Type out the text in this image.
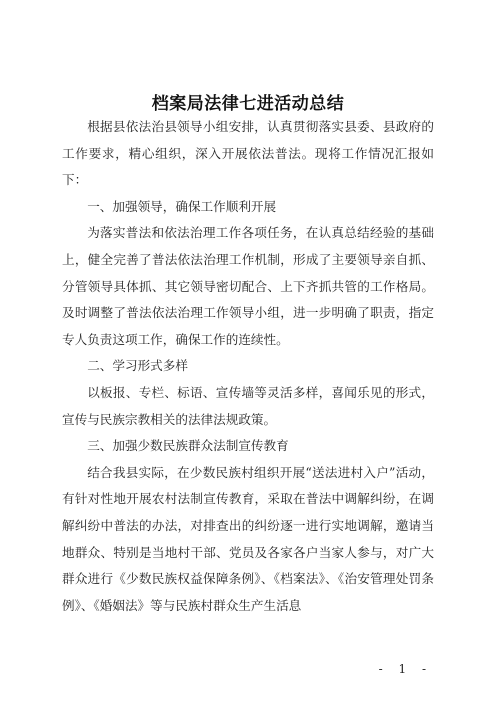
档案局法律七进活动总结

根据县依法治县领导小组安排，认真贯彻落实县委、县政府的工作要求，精心组织，深入开展依法普法。现将工作情况汇报如下：

一、加强领导，确保工作顺利开展

为落实普法和依法治理工作各项任务，在认真总结经验的基础上，健全完善了普法依法治理工作机制，形成了主要领导亲自抓、分管领导具体抓、其它领导密切配合、上下齐抓共管的工作格局。及时调整了普法依法治理工作领导小组，进一步明确了职责，指定专人负责这项工作，确保工作的连续性。

二、学习形式多样

以板报、专栏、标语、宣传墙等灵活多样，喜闻乐见的形式，宣传与民族宗教相关的法律法规政策。

三、加强少数民族群众法制宣传教育

结合我县实际，在少数民族村组织开展“送法进村入户”活动，有针对性地开展农村法制宣传教育，采取在普法中调解纠纷，在调解纠纷中普法的办法，对排查出的纠纷逐一进行实地调解，邀请当地群众、特别是当地村干部、党员及各家各户当家人参与，对广大群众进行《少数民族权益保障条例》、《档案法》、《治安管理处罚条例》、《婚姻法》等与民族村群众生产生活息

- 1 -
